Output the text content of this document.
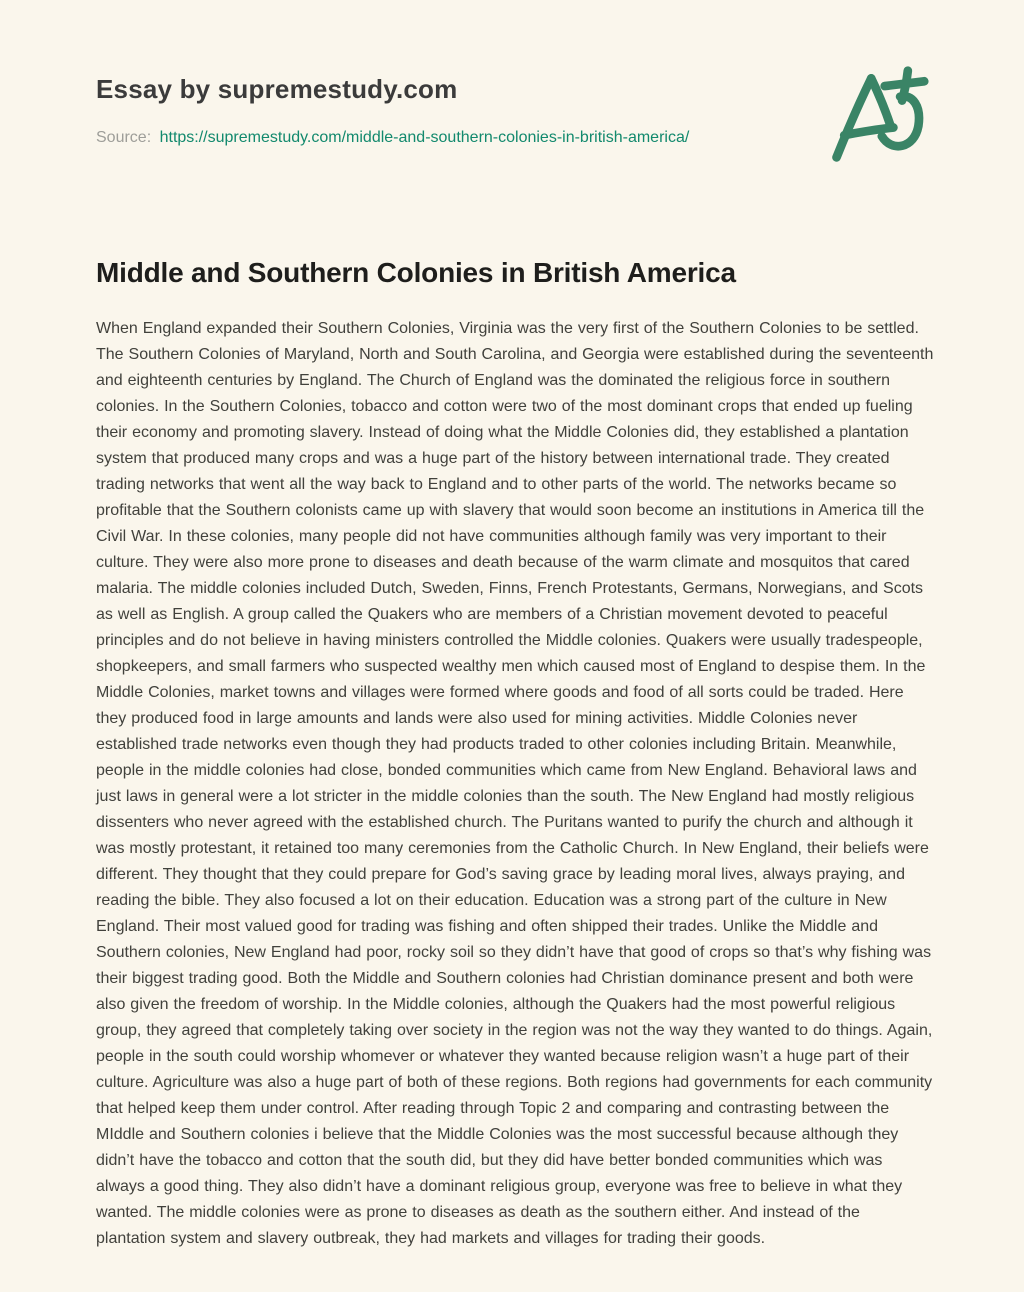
Essay by supremestudy.com

Source: https://supremestudy.com/middle-and-southern-colonies-in-british-america/

Middle and Southern Colonies in British America

When England expanded their Southern Colonies, Virginia was the very first of the Southern Colonies to be settled. The Southern Colonies of Maryland, North and South Carolina, and Georgia were established during the seventeenth and eighteenth centuries by England. The Church of England was the dominated the religious force in southern colonies. In the Southern Colonies, tobacco and cotton were two of the most dominant crops that ended up fueling their economy and promoting slavery. Instead of doing what the Middle Colonies did, they established a plantation system that produced many crops and was a huge part of the history between international trade. They created trading networks that went all the way back to England and to other parts of the world. The networks became so profitable that the Southern colonists came up with slavery that would soon become an institutions in America till the Civil War. In these colonies, many people did not have communities although family was very important to their culture. They were also more prone to diseases and death because of the warm climate and mosquitos that cared malaria. The middle colonies included Dutch, Sweden, Finns, French Protestants, Germans, Norwegians, and Scots as well as English. A group called the Quakers who are members of a Christian movement devoted to peaceful principles and do not believe in having ministers controlled the Middle colonies. Quakers were usually tradespeople, shopkeepers, and small farmers who suspected wealthy men which caused most of England to despise them. In the Middle Colonies, market towns and villages were formed where goods and food of all sorts could be traded. Here they produced food in large amounts and lands were also used for mining activities. Middle Colonies never established trade networks even though they had products traded to other colonies including Britain. Meanwhile, people in the middle colonies had close, bonded communities which came from New England. Behavioral laws and just laws in general were a lot stricter in the middle colonies than the south. The New England had mostly religious dissenters who never agreed with the established church. The Puritans wanted to purify the church and although it was mostly protestant, it retained too many ceremonies from the Catholic Church. In New England, their beliefs were different. They thought that they could prepare for God’s saving grace by leading moral lives, always praying, and reading the bible. They also focused a lot on their education. Education was a strong part of the culture in New England. Their most valued good for trading was fishing and often shipped their trades. Unlike the Middle and Southern colonies, New England had poor, rocky soil so they didn’t have that good of crops so that’s why fishing was their biggest trading good. Both the Middle and Southern colonies had Christian dominance present and both were also given the freedom of worship. In the Middle colonies, although the Quakers had the most powerful religious group, they agreed that completely taking over society in the region was not the way they wanted to do things. Again, people in the south could worship whomever or whatever they wanted because religion wasn’t a huge part of their culture. Agriculture was also a huge part of both of these regions. Both regions had governments for each community that helped keep them under control. After reading through Topic 2 and comparing and contrasting between the MIddle and Southern colonies i believe that the Middle Colonies was the most successful because although they didn’t have the tobacco and cotton that the south did, but they did have better bonded communities which was always a good thing. They also didn’t have a dominant religious group, everyone was free to believe in what they wanted. The middle colonies were as prone to diseases as death as the southern either. And instead of the plantation system and slavery outbreak, they had markets and villages for trading their goods.
